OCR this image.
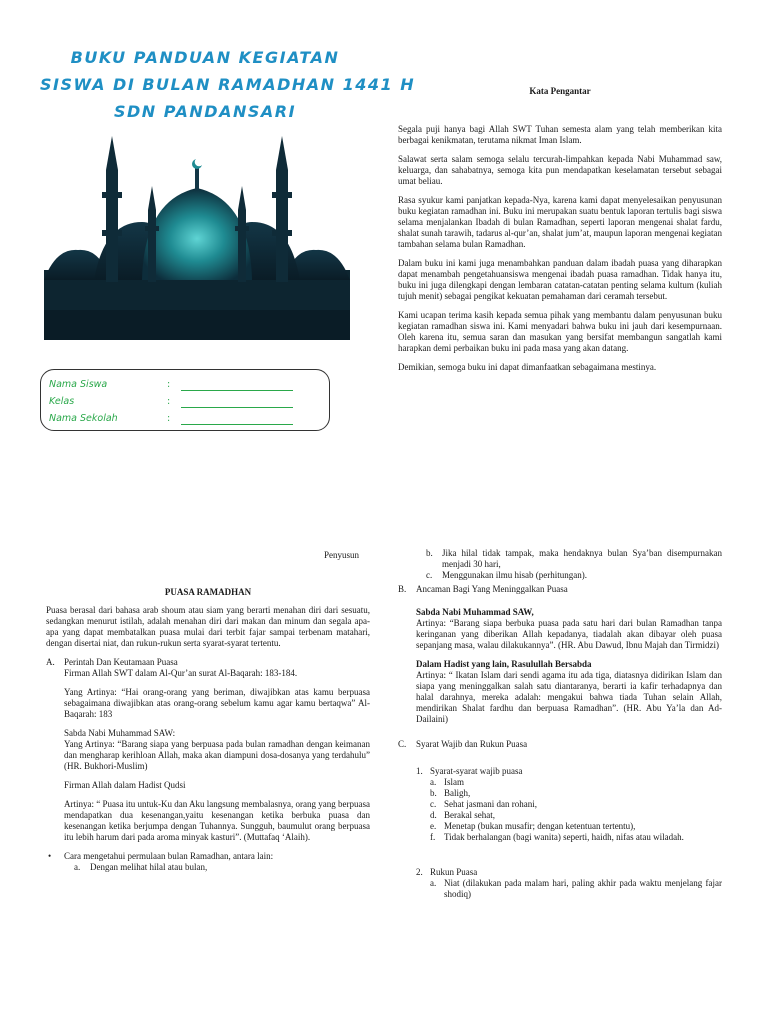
BUKU PANDUAN KEGIATAN
SISWA DI BULAN RAMADHAN 1441 H
SDN PANDANSARI
Nama Siswa	:
Kelas	:
Nama Sekolah	:
Kata Pengantar

Segala puji hanya bagi Allah SWT Tuhan semesta alam yang telah memberikan kita berbagai kenikmatan, terutama nikmat Iman Islam.

Salawat serta salam semoga selalu tercurah-limpahkan kepada Nabi Muhammad saw, keluarga, dan sahabatnya, semoga kita pun mendapatkan keselamatan tersebut sebagai umat beliau.

Rasa syukur kami panjatkan kepada-Nya, karena kami dapat menyelesaikan penyusunan buku kegiatan ramadhan ini. Buku ini merupakan suatu bentuk laporan tertulis bagi siswa selama menjalankan Ibadah di bulan Ramadhan, seperti laporan mengenai shalat fardu, shalat sunah tarawih, tadarus al-qur’an, shalat jum’at, maupun laporan mengenai kegiatan tambahan selama bulan Ramadhan.

Dalam buku ini kami juga menambahkan panduan dalam ibadah puasa yang diharapkan dapat menambah pengetahuansiswa mengenai ibadah puasa ramadhan. Tidak hanya itu, buku ini juga dilengkapi dengan lembaran catatan-catatan penting selama kultum (kuliah tujuh menit) sebagai pengikat kekuatan pemahaman dari ceramah tersebut.

Kami ucapan terima kasih kepada semua pihak yang membantu dalam penyusunan buku kegiatan ramadhan siswa ini. Kami menyadari bahwa buku ini jauh dari kesempurnaan. Oleh karena itu, semua saran dan masukan yang bersifat membangun sangatlah kami harapkan demi perbaikan buku ini pada masa yang akan datang.

Demikian, semoga buku ini dapat dimanfaatkan sebagaimana mestinya.

Penyusun
PUASA RAMADHAN

Puasa berasal dari bahasa arab shoum atau siam yang berarti menahan diri dari sesuatu, sedangkan menurut istilah, adalah menahan diri dari makan dan minum dan segala apa-apa yang dapat membatalkan puasa mulai dari terbit fajar sampai terbenam matahari, dengan disertai niat, dan rukun-rukun serta syarat-syarat tertentu.

A.	Perintah Dan Keutamaan Puasa

Firman Allah SWT dalam Al-Qur’an surat Al-Baqarah: 183-184.

Yang Artinya: “Hai orang-orang yang beriman, diwajibkan atas kamu berpuasa sebagaimana diwajibkan atas orang-orang sebelum kamu agar kamu bertaqwa” Al-Baqarah: 183

Sabda Nabi Muhammad SAW:

Yang Artinya: “Barang siapa yang berpuasa pada bulan ramadhan dengan keimanan dan mengharap kerihloan Allah, maka akan diampuni dosa-dosanya yang terdahulu” (HR. Bukhori-Muslim)

Firman Allah dalam Hadist Qudsi

Artinya: “ Puasa itu untuk-Ku dan Aku langsung membalasnya, orang yang berpuasa mendapatkan dua kesenangan,yaitu kesenangan ketika berbuka puasa dan kesenangan ketika berjumpa dengan Tuhannya. Sungguh, baumulut orang berpuasa itu lebih harum dari pada aroma minyak kasturi”. (Muttafaq ‘Alaih).

•	Cara mengetahui permulaan bulan Ramadhan, antara lain:
a.	Dengan melihat hilal atau bulan,
b.	Jika hilal tidak tampak, maka hendaknya bulan Sya’ban disempurnakan menjadi 30 hari,
c.	Menggunakan ilmu hisab (perhitungan).
B.	Ancaman Bagi Yang Meninggalkan Puasa
Sabda Nabi Muhammad SAW,

Artinya: “Barang siapa berbuka puasa pada satu hari dari bulan Ramadhan tanpa keringanan yang diberikan Allah kepadanya, tiadalah akan dibayar oleh puasa sepanjang masa, walau dilakukannya”. (HR. Abu Dawud, Ibnu Majah dan Tirmidzi)

Dalam Hadist yang lain, Rasulullah Bersabda

Artinya: “ Ikatan Islam dari sendi agama itu ada tiga, diatasnya didirikan Islam dan siapa yang meninggalkan salah satu diantaranya, berarti ia kafir terhadapnya dan halal darahnya, mereka adalah: mengakui bahwa tiada Tuhan selain Allah, mendirikan Shalat fardhu dan berpuasa Ramadhan”. (HR. Abu Ya’la dan Ad-Dailaini)

C.	Syarat Wajib dan Rukun Puasa
1. Syarat-syarat wajib puasa
a. Islam
b. Baligh,
c. Sehat jasmani dan rohani,
d. Berakal sehat,
e. Menetap (bukan musafir; dengan ketentuan tertentu),
f. Tidak berhalangan (bagi wanita) seperti, haidh, nifas atau wiladah.
2. Rukun Puasa
a. Niat (dilakukan pada malam hari, paling akhir pada waktu menjelang fajar shodiq)
